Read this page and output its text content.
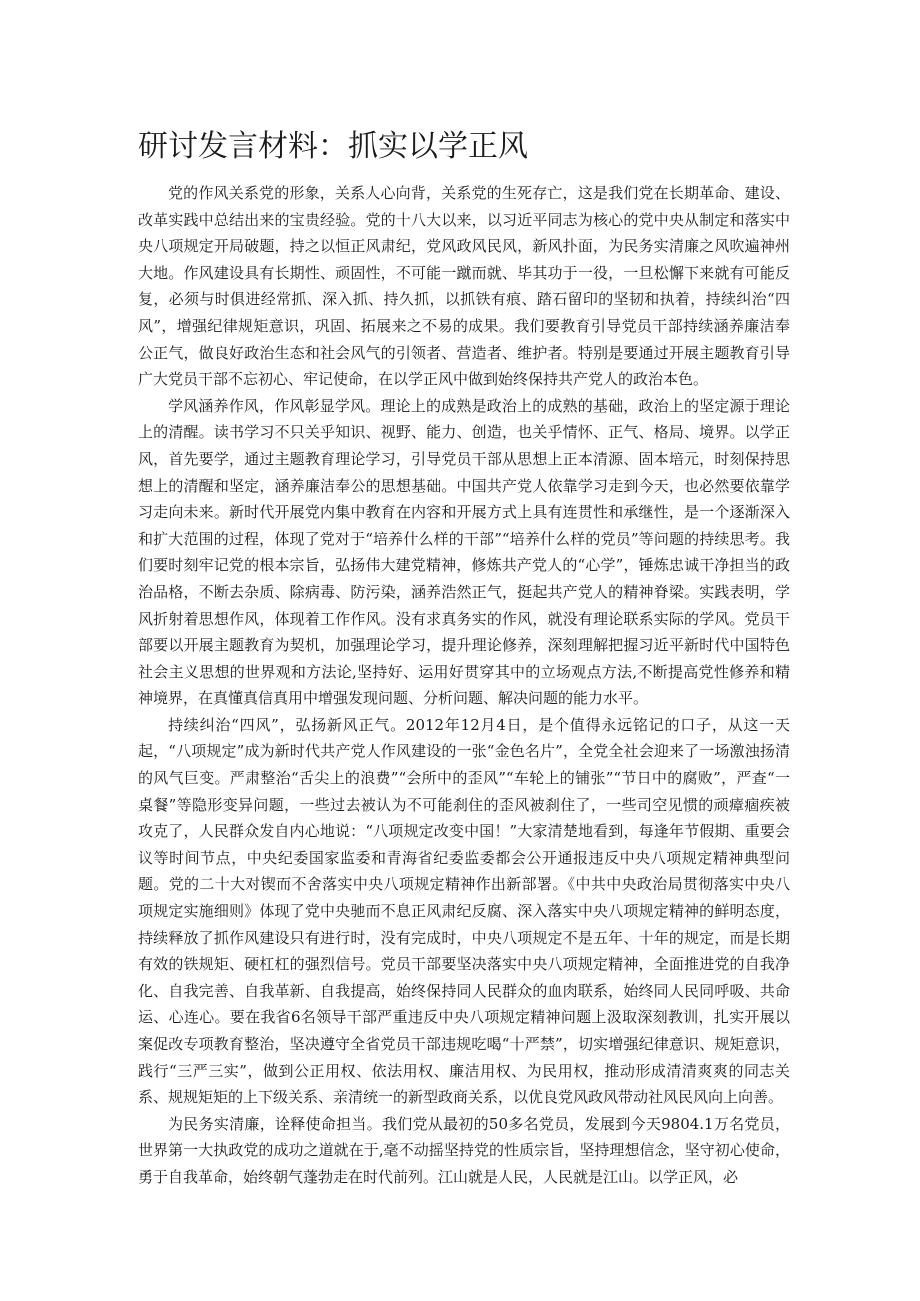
研讨发言材料：抓实以学正风

党的作风关系党的形象，关系人心向背，关系党的生死存亡，这是我们党在长期革命、建设、改革实践中总结出来的宝贵经验。党的十八大以来，以习近平同志为核心的党中央从制定和落实中央八项规定开局破题，持之以恒正风肃纪，党风政风民风，新风扑面，为民务实清廉之风吹遍神州大地。作风建设具有长期性、顽固性，不可能一蹴而就、毕其功于一役，一旦松懈下来就有可能反复，必须与时俱进经常抓、深入抓、持久抓，以抓铁有痕、踏石留印的坚韧和执着，持续纠治“四风”，增强纪律规矩意识，巩固、拓展来之不易的成果。我们要教育引导党员干部持续涵养廉洁奉公正气，做良好政治生态和社会风气的引领者、营造者、维护者。特别是要通过开展主题教育引导广大党员干部不忘初心、牢记使命，在以学正风中做到始终保持共产党人的政治本色。

学风涵养作风，作风彰显学风。理论上的成熟是政治上的成熟的基础，政治上的坚定源于理论上的清醒。读书学习不只关乎知识、视野、能力、创造，也关乎情怀、正气、格局、境界。以学正风，首先要学，通过主题教育理论学习，引导党员干部从思想上正本清源、固本培元，时刻保持思想上的清醒和坚定，涵养廉洁奉公的思想基础。中国共产党人依靠学习走到今天，也必然要依靠学习走向未来。新时代开展党内集中教育在内容和开展方式上具有连贯性和承继性，是一个逐渐深入和扩大范围的过程，体现了党对于“培养什么样的干部”“培养什么样的党员”等问题的持续思考。我们要时刻牢记党的根本宗旨，弘扬伟大建党精神，修炼共产党人的“心学”，锤炼忠诚干净担当的政治品格，不断去杂质、除病毒、防污染，涵养浩然正气，挺起共产党人的精神脊梁。实践表明，学风折射着思想作风，体现着工作作风。没有求真务实的作风，就没有理论联系实际的学风。党员干部要以开展主题教育为契机，加强理论学习，提升理论修养，深刻理解把握习近平新时代中国特色社会主义思想的世界观和方法论,坚持好、运用好贯穿其中的立场观点方法,不断提高党性修养和精神境界，在真懂真信真用中增强发现问题、分析问题、解决问题的能力水平。

持续纠治“四风”，弘扬新风正气。2012年12月4日，是个值得永远铭记的口子，从这一天起，“八项规定”成为新时代共产党人作风建设的一张“金色名片”，全党全社会迎来了一场激浊扬清的风气巨变。严肃整治“舌尖上的浪费”“会所中的歪风”“车轮上的铺张”“节日中的腐败”，严查“一桌餐”等隐形变异问题，一些过去被认为不可能刹住的歪风被刹住了，一些司空见惯的顽瘴痼疾被攻克了，人民群众发自内心地说：“八项规定改变中国！”大家清楚地看到，每逢年节假期、重要会议等时间节点，中央纪委国家监委和青海省纪委监委都会公开通报违反中央八项规定精神典型问题。党的二十大对锲而不舍落实中央八项规定精神作出新部署。《中共中央政治局贯彻落实中央八项规定实施细则》体现了党中央驰而不息正风肃纪反腐、深入落实中央八项规定精神的鲜明态度，持续释放了抓作风建设只有进行时，没有完成时，中央八项规定不是五年、十年的规定，而是长期有效的铁规矩、硬杠杠的强烈信号。党员干部要坚决落实中央八项规定精神，全面推进党的自我净化、自我完善、自我革新、自我提高，始终保持同人民群众的血肉联系，始终同人民同呼吸、共命运、心连心。要在我省6名领导干部严重违反中央八项规定精神问题上汲取深刻教训，扎实开展以案促改专项教育整治，坚决遵守全省党员干部违规吃喝“十严禁”，切实增强纪律意识、规矩意识，践行“三严三实”，做到公正用权、依法用权、廉洁用权、为民用权，推动形成清清爽爽的同志关系、规规矩矩的上下级关系、亲清统一的新型政商关系，以优良党风政风带动社风民风向上向善。

为民务实清廉，诠释使命担当。我们党从最初的50多名党员，发展到今天9804.1万名党员，世界第一大执政党的成功之道就在于,毫不动摇坚持党的性质宗旨，坚持理想信念，坚守初心使命，勇于自我革命，始终朝气蓬勃走在时代前列。江山就是人民，人民就是江山。以学正风，必
